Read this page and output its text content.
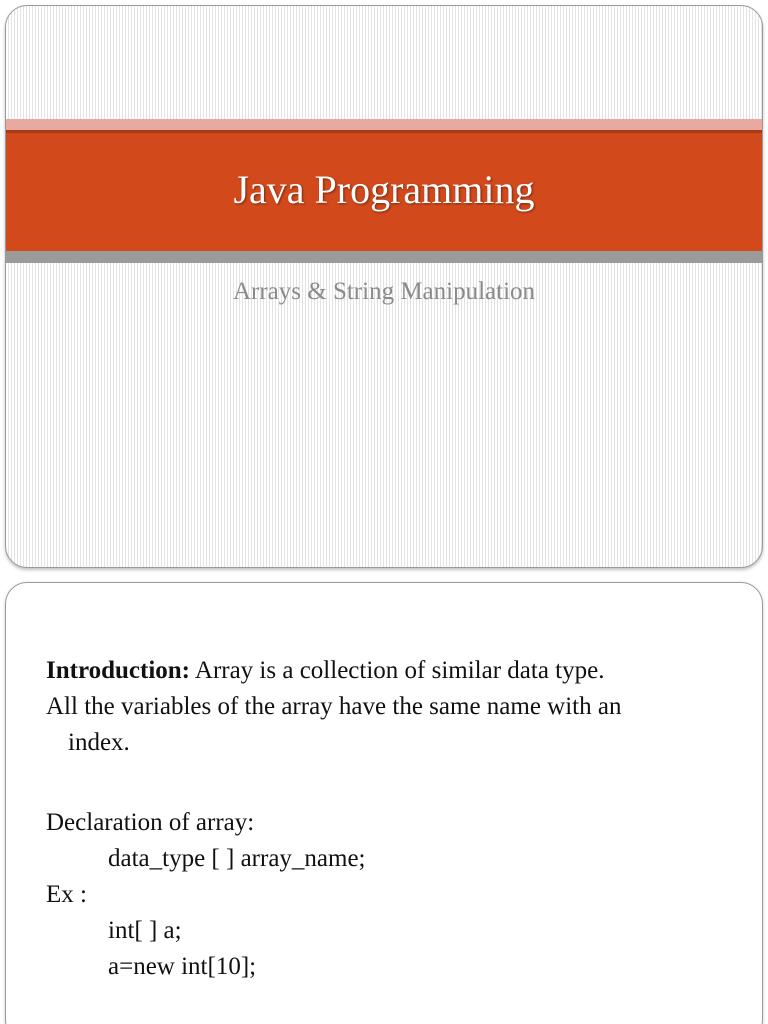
Java Programming
Arrays & String Manipulation
Introduction: Array is a collection of similar data type.
All the variables of the array have the same name with an
index.
Declaration of array:
data_type [ ] array_name;
Ex :
int[ ] a;
a=new int[10];
